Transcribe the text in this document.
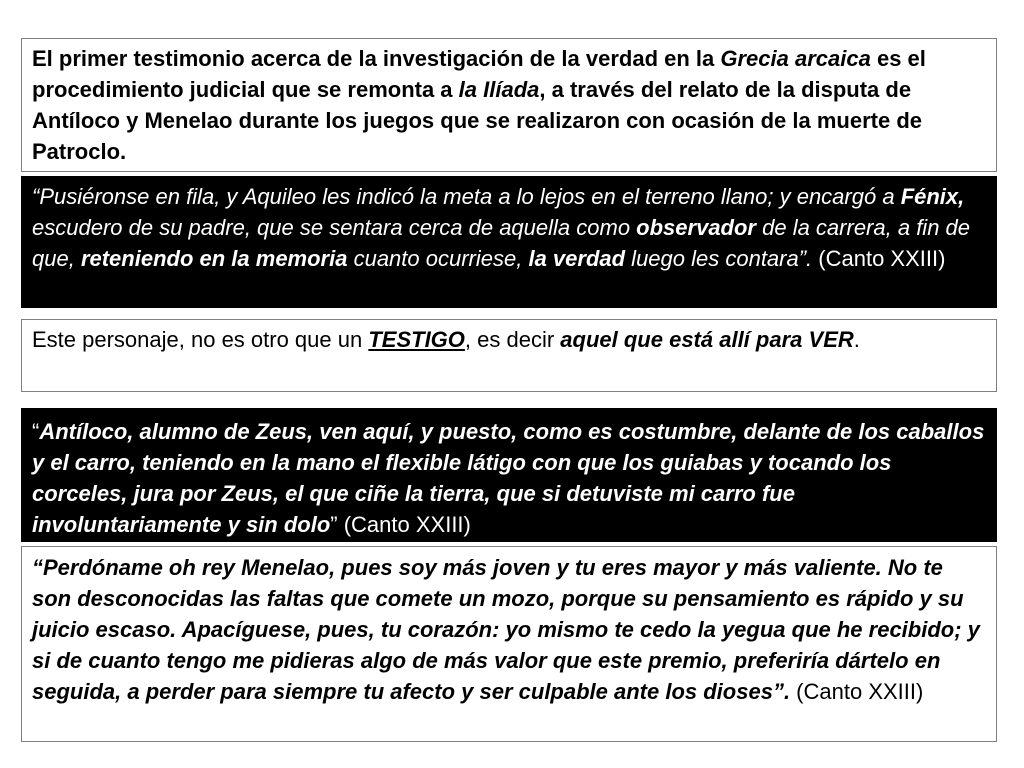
El primer testimonio acerca de la investigación de la verdad en la Grecia arcaica es el procedimiento judicial que se remonta a la Ilíada, a través del relato de la disputa de Antíloco y Menelao durante los juegos que se realizaron con ocasión de la muerte de Patroclo.
“Pusiéronse en fila, y Aquileo les indicó la meta a lo lejos en el terreno llano; y encargó a Fénix, escudero de su padre, que se sentara cerca de aquella como observador de la carrera, a fin de que, reteniendo en la memoria cuanto ocurriese, la verdad luego les contara”. (Canto XXIII)
Este personaje, no es otro que un TESTIGO, es decir aquel que está allí para VER.
“Antíloco, alumno de Zeus, ven aquí, y puesto, como es costumbre, delante de los caballos y el carro, teniendo en la mano el flexible látigo con que los guiabas y tocando los corceles, jura por Zeus, el que ciñe la tierra, que si detuviste mi carro fue involuntariamente y sin dolo” (Canto XXIII)
“Perdóname oh rey Menelao, pues soy más joven y tu eres mayor y más valiente. No te son desconocidas las faltas que comete un mozo, porque su pensamiento es rápido y su juicio escaso. Apacíguese, pues, tu corazón: yo mismo te cedo la yegua que he recibido; y si de cuanto tengo me pidieras algo de más valor que este premio, preferiría dártelo en seguida, a perder para siempre tu afecto y ser culpable ante los dioses”. (Canto XXIII)
